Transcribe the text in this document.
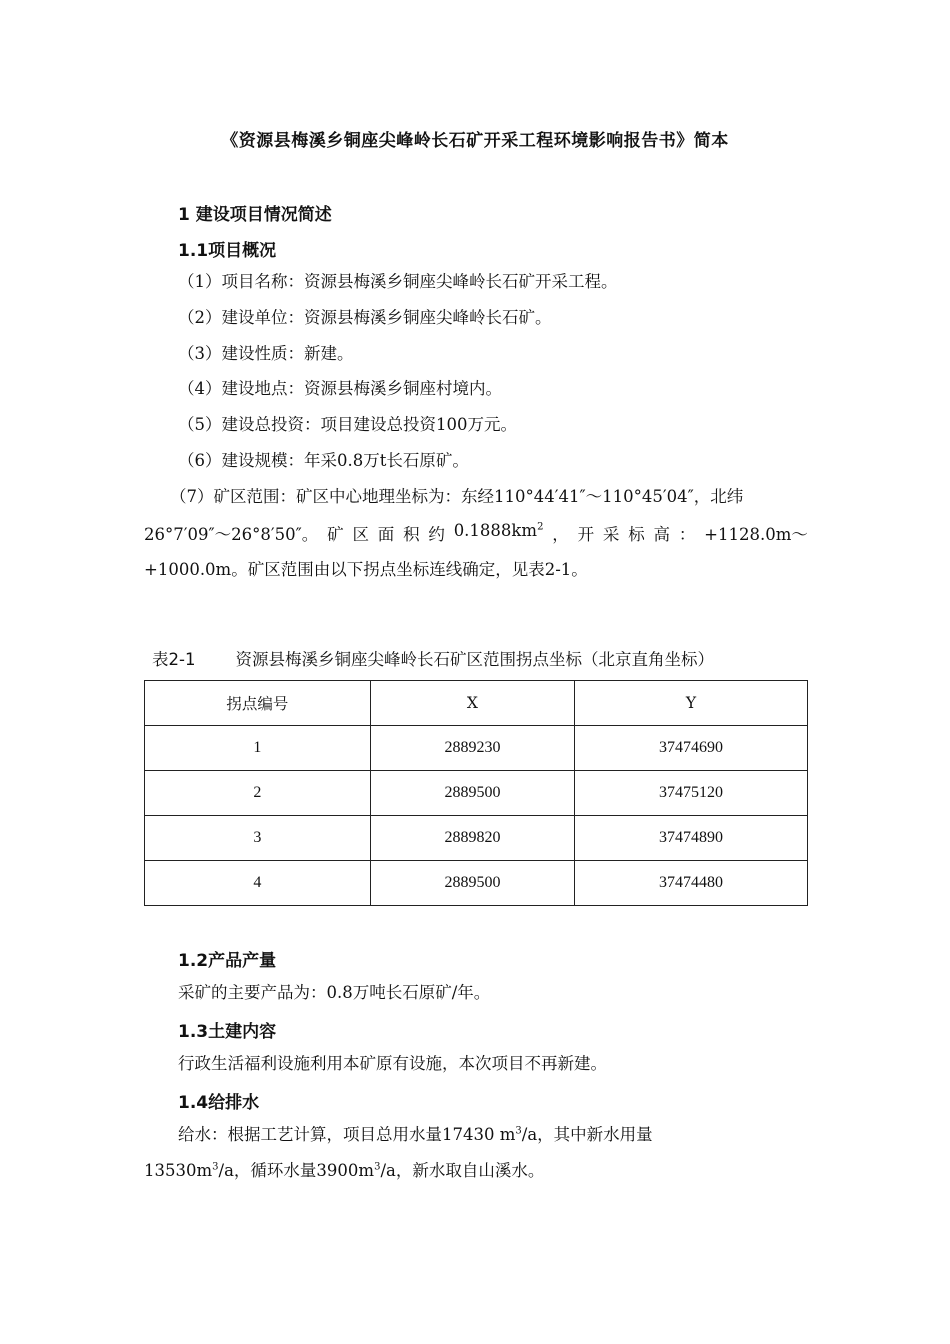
《资源县梅溪乡铜座尖峰岭长石矿开采工程环境影响报告书》简本
1 建设项目情况简述
1.1项目概况
（1）项目名称：资源县梅溪乡铜座尖峰岭长石矿开采工程。
（2）建设单位：资源县梅溪乡铜座尖峰岭长石矿。
（3）建设性质：新建。
（4）建设地点：资源县梅溪乡铜座村境内。
（5）建设总投资：项目建设总投资100万元。
（6）建设规模：年采0.8万t长石原矿。
（7）矿区范围：矿区中心地理坐标为：东经110°44′41″～110°45′04″，北纬
26°7′09″～26°8′50″。 矿 区 面 积 约 $0.1888km^2$ ， 开 采 标 高 ： +1128.0m～
+1000.0m。矿区范围由以下拐点坐标连线确定，见表2-1。
表2-1 资源县梅溪乡铜座尖峰岭长石矿区范围拐点坐标（北京直角坐标）
拐点编号	X	Y
1	2889230	37474690
2	2889500	37475120
3	2889820	37474890
4	2889500	37474480
1.2产品产量
采矿的主要产品为：0.8万吨长石原矿/年。
1.3土建内容
行政生活福利设施利用本矿原有设施，本次项目不再新建。
1.4给排水
给水：根据工艺计算，项目总用水量17430 $m^3/a$，其中新水用量
$13530m^3/a$，循环水量$3900m^3/a$，新水取自山溪水。
